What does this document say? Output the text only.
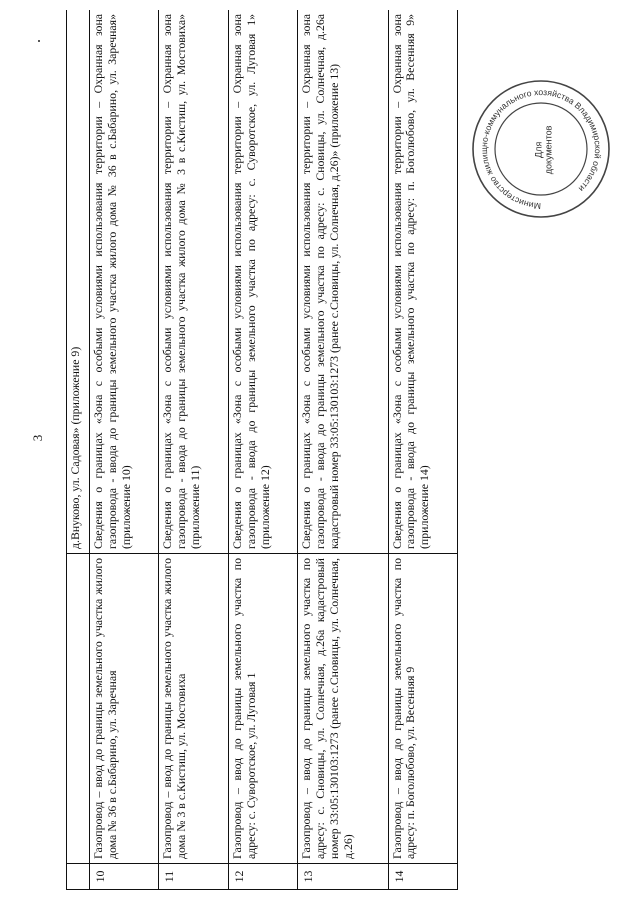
3
		д.Внуково, ул. Садовая» (приложение 9)
10	Газопровод – ввод до границы земельного участка жилого дома № 36 в с.Бабарино, ул. Заречная	Сведения о границах «Зона с особыми условиями использования территории – Охранная зона газопровода - ввода до границы земельного участка жилого дома № 36 в с.Бабарино, ул. Заречная» (приложение 10)
11	Газопровод – ввод до границы земельного участка жилого дома № 3 в с.Кистиш, ул. Мостовиха	Сведения о границах «Зона с особыми условиями использования территории – Охранная зона газопровода - ввода до границы земельного участка жилого дома № 3 в с.Кистиш, ул. Мостовиха» (приложение 11)
12	Газопровод – ввод до границы земельного участка по адресу: с. Суворотское, ул. Луговая 1	Сведения о границах «Зона с особыми условиями использования территории – Охранная зона газопровода - ввода до границы земельного участка по адресу: с. Суворотское, ул. Луговая 1» (приложение 12)
13	Газопровод – ввод до границы земельного участка по адресу: с. Сновицы, ул. Солнечная, д.26а кадастровый номер 33:05:130103:1273 (ранее с.Сновицы, ул. Солнечная, д.26)	Сведения о границах «Зона с особыми условиями использования территории – Охранная зона газопровода - ввода до границы земельного участка по адресу: с. Сновицы, ул. Солнечная, д.26а кадастровый номер 33:05:130103:1273 (ранее с.Сновицы, ул. Солнечная, д.26)» (приложение 13)
14	Газопровод – ввод до границы земельного участка по адресу: п. Боголюбово, ул. Весенняя 9	Сведения о границах «Зона с особыми условиями использования территории – Охранная зона газопровода - ввода до границы земельного участка по адресу: п. Боголюбово, ул. Весенняя 9» (приложение 14)
Министерство жилищно-коммунального хозяйства Владимирской области
Для документов
